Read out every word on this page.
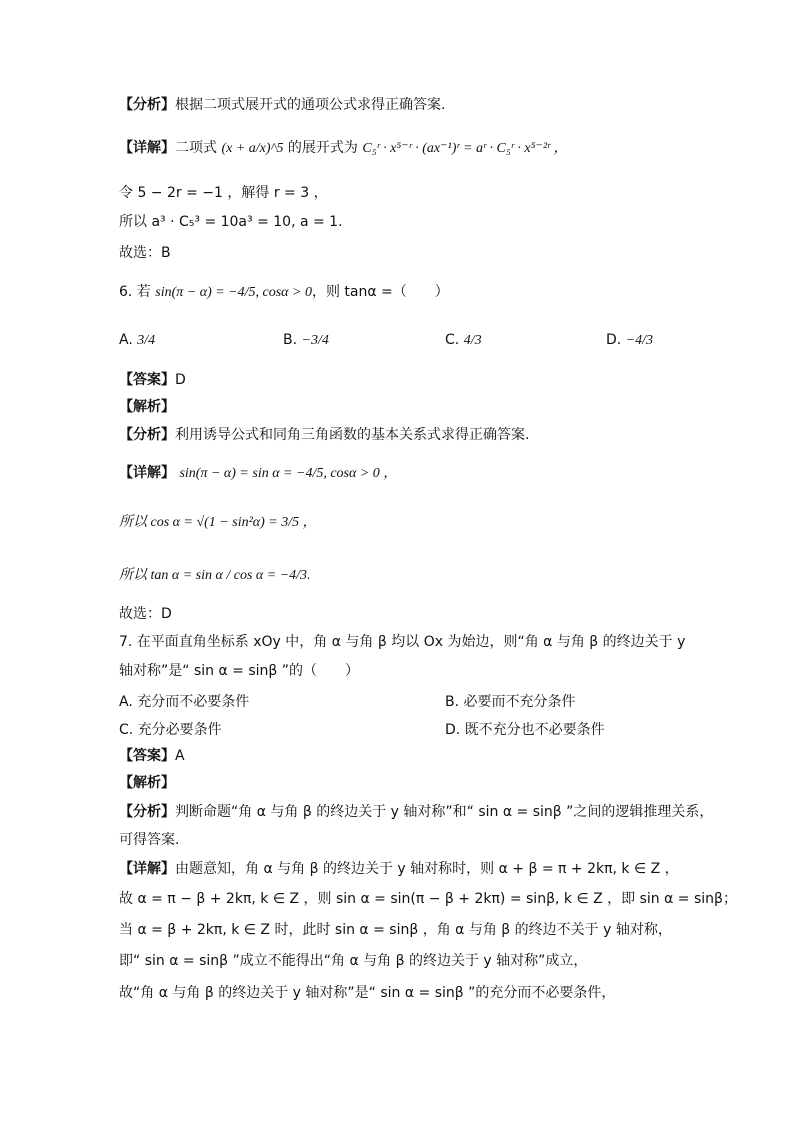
【分析】根据二项式展开式的通项公式求得正确答案.
【详解】二项式 (x + a/x)^5 的展开式为 C₅ʳ · x⁵⁻ʳ · (ax⁻¹)ʳ = aʳ · C₅ʳ · x⁵⁻²ʳ ，
令 5 − 2r = −1 ，解得 r = 3 ，
所以 a³ · C₅³ = 10a³ = 10, a = 1.
故选：B
6. 若 sin(π − α) = −4/5, cosα > 0，则 tanα =（　　）
A. 3/4	B. −3/4	C. 4/3	D. −4/3
【答案】D
【解析】
【分析】利用诱导公式和同角三角函数的基本关系式求得正确答案.
【详解】 sin(π − α) = sin α = −4/5, cosα > 0 ，
所以 cos α = √(1 − sin²α) = 3/5 ，
所以 tan α = sin α / cos α = −4/3.
故选：D
7. 在平面直角坐标系 xOy 中，角 α 与角 β 均以 Ox 为始边，则“角 α 与角 β 的终边关于 y
轴对称”是“ sin α = sinβ ”的（　　）
A. 充分而不必要条件	B. 必要而不充分条件
C. 充分必要条件	D. 既不充分也不必要条件
【答案】A
【解析】
【分析】判断命题“角 α 与角 β 的终边关于 y 轴对称”和“ sin α = sinβ ”之间的逻辑推理关系，
可得答案.
【详解】由题意知，角 α 与角 β 的终边关于 y 轴对称时，则 α + β = π + 2kπ, k ∈ Z ，
故 α = π − β + 2kπ, k ∈ Z ，则 sin α = sin(π − β + 2kπ) = sinβ, k ∈ Z ，即 sin α = sinβ；
当 α = β + 2kπ, k ∈ Z 时，此时 sin α = sinβ ，角 α 与角 β 的终边不关于 y 轴对称，
即“ sin α = sinβ ”成立不能得出“角 α 与角 β 的终边关于 y 轴对称”成立，
故“角 α 与角 β 的终边关于 y 轴对称”是“ sin α = sinβ ”的充分而不必要条件，
